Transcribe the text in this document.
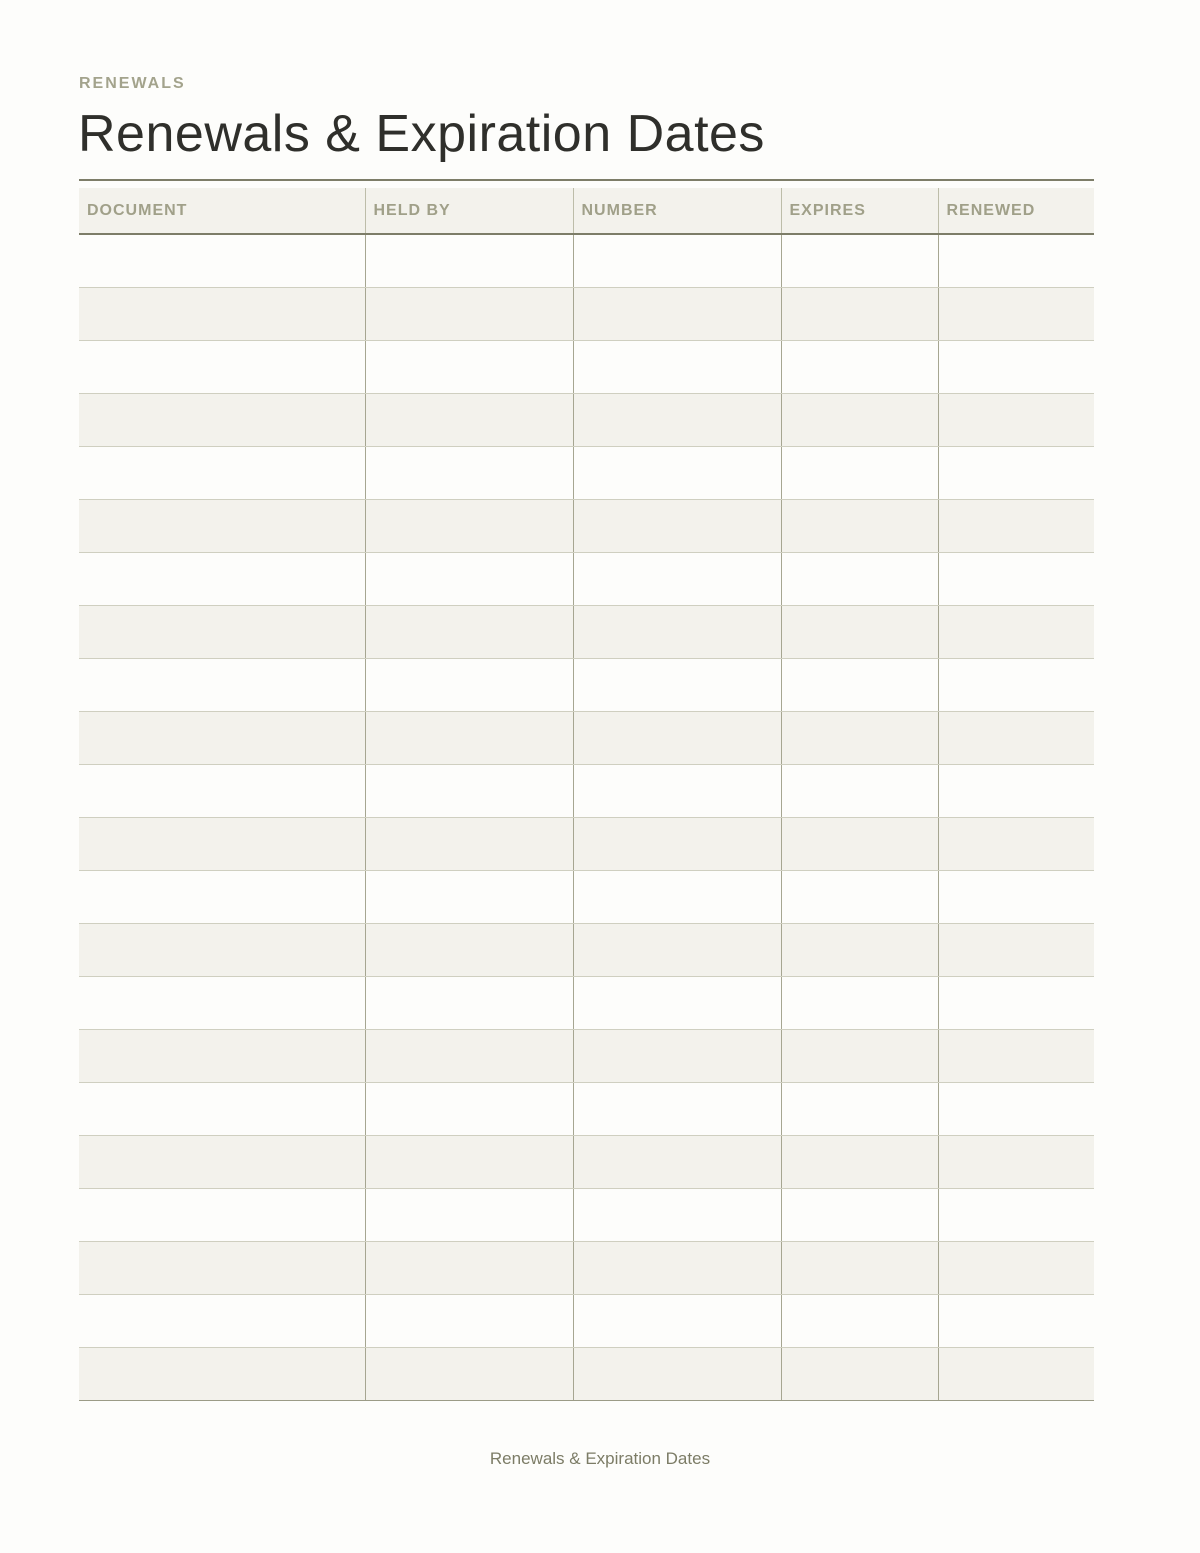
RENEWALS
Renewals & Expiration Dates
DOCUMENT	HELD BY	NUMBER	EXPIRES	RENEWED

Renewals & Expiration Dates
